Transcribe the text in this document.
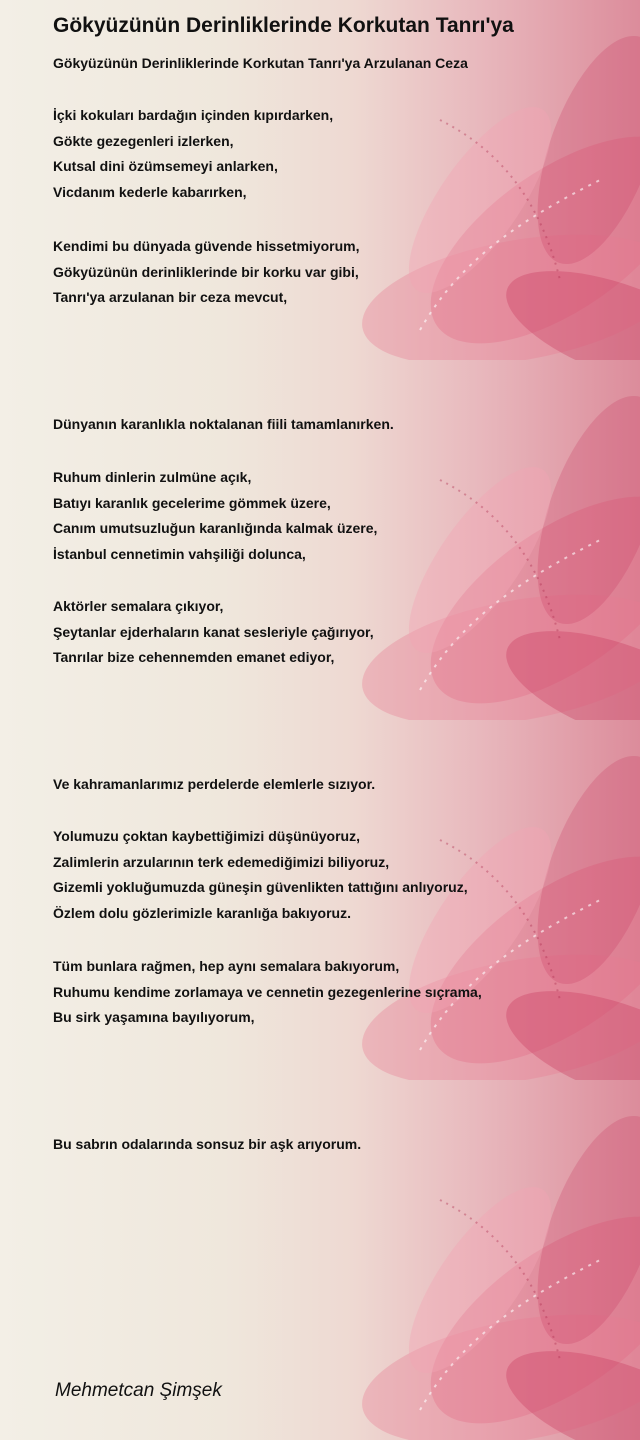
Gökyüzünün Derinliklerinde Korkutan Tanrı'ya
Gökyüzünün Derinliklerinde Korkutan Tanrı'ya Arzulanan Ceza
İçki kokuları bardağın içinden kıpırdarken,
Gökte gezegenleri izlerken,
Kutsal dini özümsemeyi anlarken,
Vicdanım kederle kabarırken,
Kendimi bu dünyada güvende hissetmiyorum,
Gökyüzünün derinliklerinde bir korku var gibi,
Tanrı'ya arzulanan bir ceza mevcut,
Dünyanın karanlıkla noktalanan fiili tamamlanırken.
Ruhum dinlerin zulmüne açık,
Batıyı karanlık gecelerime gömmek üzere,
Canım umutsuzluğun karanlığında kalmak üzere,
İstanbul cennetimin vahşiliği dolunca,
Aktörler semalara çıkıyor,
Şeytanlar ejderhaların kanat sesleriyle çağırıyor,
Tanrılar bize cehennemden emanet ediyor,
Ve kahramanlarımız perdelerde elemlerle sızıyor.
Yolumuzu çoktan kaybettiğimizi düşünüyoruz,
Zalimlerin arzularının terk edemediğimizi biliyoruz,
Gizemli yokluğumuzda güneşin güvenlikten tattığını anlıyoruz,
Özlem dolu gözlerimizle karanlığa bakıyoruz.
Tüm bunlara rağmen, hep aynı semalara bakıyorum,
Ruhumu kendime zorlamaya ve cennetin gezegenlerine sıçrama,
Bu sirk yaşamına bayılıyorum,
Bu sabrın odalarında sonsuz bir aşk arıyorum.
Mehmetcan Şimşek
